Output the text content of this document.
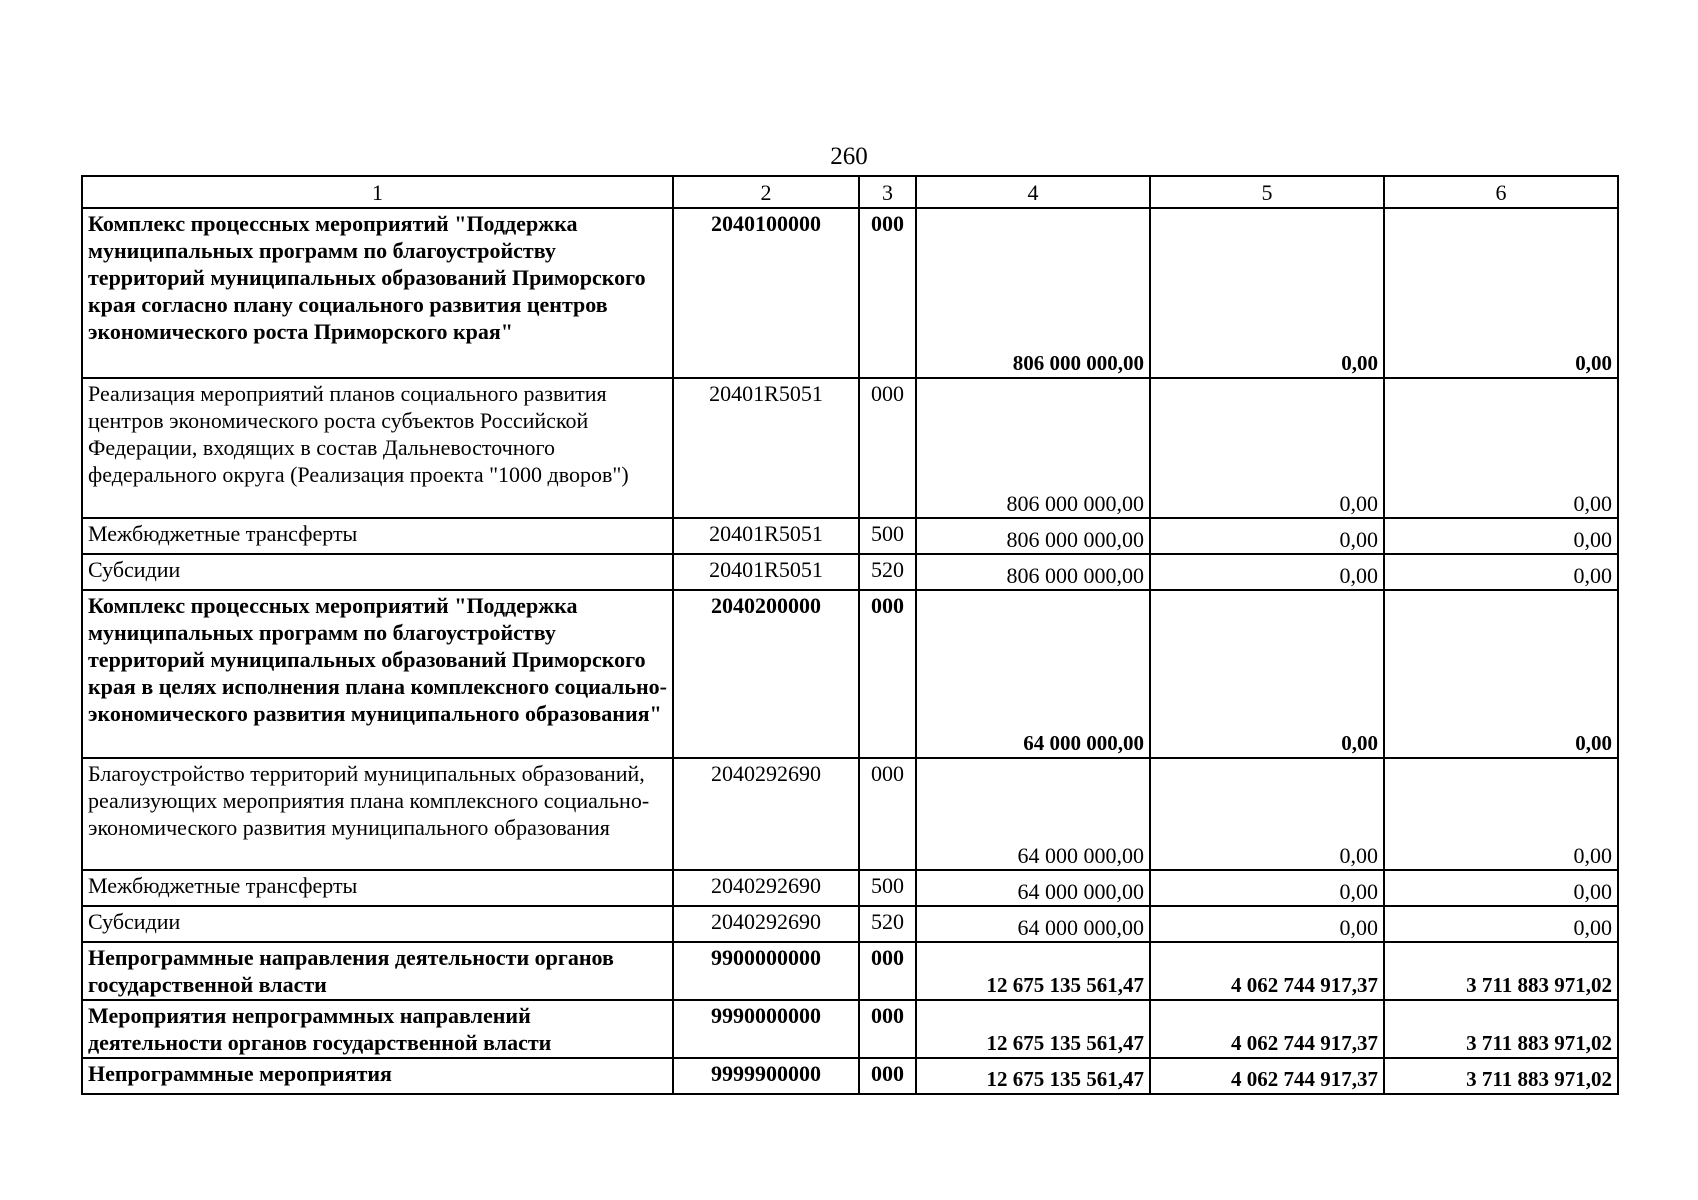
260
1	2	3	4	5	6
Комплекс процессных мероприятий "Поддержка муниципальных программ по благоустройству территорий муниципальных образований Приморского края согласно плану социального развития центров экономического роста Приморского края"	2040100000	000	806 000 000,00	0,00	0,00
Реализация мероприятий планов социального развития центров экономического роста субъектов Российской Федерации, входящих в состав Дальневосточного федерального округа (Реализация проекта "1000 дворов")	20401R5051	000	806 000 000,00	0,00	0,00
Межбюджетные трансферты	20401R5051	500	806 000 000,00	0,00	0,00
Субсидии	20401R5051	520	806 000 000,00	0,00	0,00
Комплекс процессных мероприятий "Поддержка муниципальных программ по благоустройству территорий муниципальных образований Приморского края в целях исполнения плана комплексного социально-экономического развития муниципального образования"	2040200000	000	64 000 000,00	0,00	0,00
Благоустройство территорий муниципальных образований, реализующих мероприятия плана комплексного социально-экономического развития муниципального образования	2040292690	000	64 000 000,00	0,00	0,00
Межбюджетные трансферты	2040292690	500	64 000 000,00	0,00	0,00
Субсидии	2040292690	520	64 000 000,00	0,00	0,00
Непрограммные направления деятельности органов государственной власти	9900000000	000	12 675 135 561,47	4 062 744 917,37	3 711 883 971,02
Мероприятия непрограммных направлений деятельности органов государственной власти	9990000000	000	12 675 135 561,47	4 062 744 917,37	3 711 883 971,02
Непрограммные мероприятия	9999900000	000	12 675 135 561,47	4 062 744 917,37	3 711 883 971,02
